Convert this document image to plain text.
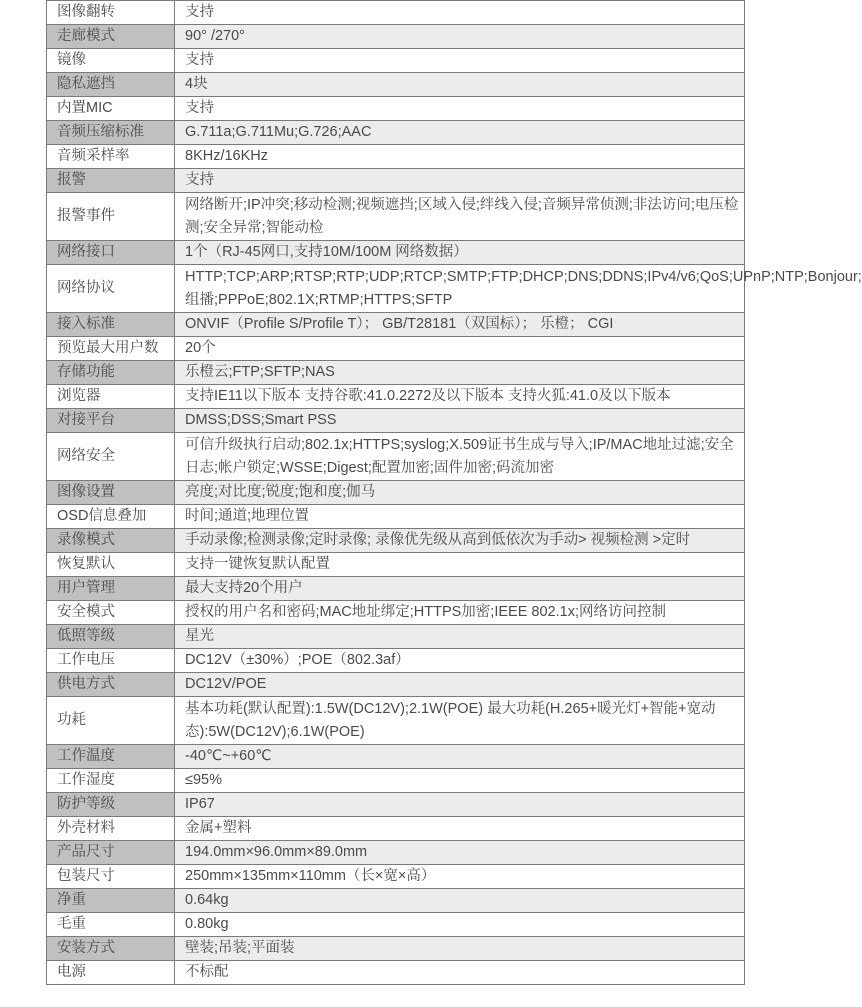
图像翻转	支持
走廊模式	90° /270°
镜像	支持
隐私遮挡	4块
内置MIC	支持
音频压缩标准	G.711a;G.711Mu;G.726;AAC
音频采样率	8KHz/16KHz
报警	支持
报警事件	网络断开;IP冲突;移动检测;视频遮挡;区域入侵;绊线入侵;音频异常侦测;非法访问;电压检测;安全异常;智能动检
网络接口	1个（RJ-45网口,支持10M/100M 网络数据）
网络协议	HTTP;TCP;ARP;RTSP;RTP;UDP;RTCP;SMTP;FTP;DHCP;DNS;DDNS;IPv4/v6;QoS;UPnP;NTP;Bonjour;组播;PPPoE;802.1X;RTMP;HTTPS;SFTP
接入标准	ONVIF（Profile S/Profile T）； GB/T28181（双国标）； 乐橙； CGI
预览最大用户数	20个
存储功能	乐橙云;FTP;SFTP;NAS
浏览器	支持IE11以下版本 支持谷歌:41.0.2272及以下版本 支持火狐:41.0及以下版本
对接平台	DMSS;DSS;Smart PSS
网络安全	可信升级执行启动;802.1x;HTTPS;syslog;X.509证书生成与导入;IP/MAC地址过滤;安全日志;帐户锁定;WSSE;Digest;配置加密;固件加密;码流加密
图像设置	亮度;对比度;锐度;饱和度;伽马
OSD信息叠加	时间;通道;地理位置
录像模式	手动录像;检测录像;定时录像; 录像优先级从高到低依次为手动> 视频检测 >定时
恢复默认	支持一键恢复默认配置
用户管理	最大支持20个用户
安全模式	授权的用户名和密码;MAC地址绑定;HTTPS加密;IEEE 802.1x;网络访问控制
低照等级	星光
工作电压	DC12V（±30%）;POE（802.3af）
供电方式	DC12V/POE
功耗	基本功耗(默认配置):1.5W(DC12V);2.1W(POE) 最大功耗(H.265+暖光灯+智能+宽动态):5W(DC12V);6.1W(POE)
工作温度	-40℃~+60℃
工作湿度	≤95%
防护等级	IP67
外壳材料	金属+塑料
产品尺寸	194.0mm×96.0mm×89.0mm
包装尺寸	250mm×135mm×110mm（长×宽×高）
净重	0.64kg
毛重	0.80kg
安装方式	壁装;吊装;平面装
电源	不标配
